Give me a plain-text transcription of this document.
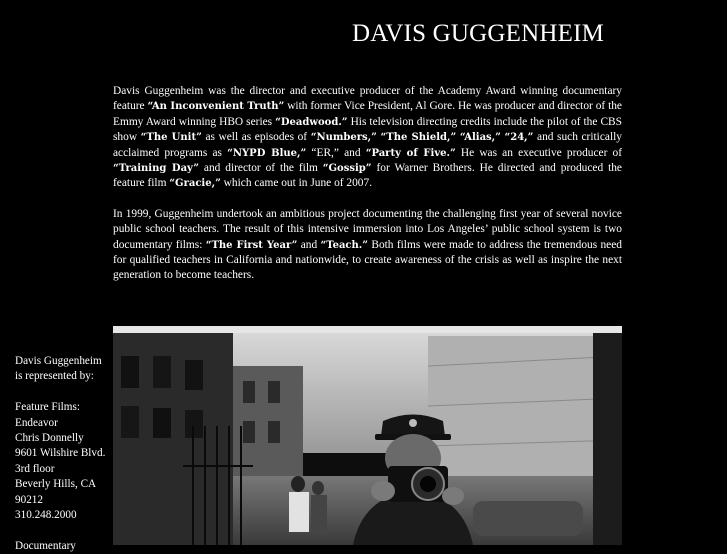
DAVIS GUGGENHEIM

Davis Guggenheim was the director and executive producer of the Academy Award winning documentary feature “An Inconvenient Truth” with former Vice President, Al Gore. He was producer and director of the Emmy Award winning HBO series “Deadwood.” His television directing credits include the pilot of the CBS show “The Unit” as well as episodes of “Numbers,” “The Shield,” “Alias,” “24,” and such critically acclaimed programs as “NYPD Blue,” “ER,” and “Party of Five.” He was an executive producer of “Training Day” and director of the film “Gossip” for Warner Brothers. He directed and produced the feature film “Gracie,” which came out in June of 2007.

In 1999, Guggenheim undertook an ambitious project documenting the challenging first year of several novice public school teachers. The result of this intensive immersion into Los Angeles’ public school system is two documentary films: “The First Year” and “Teach.” Both films were made to address the tremendous need for qualified teachers in California and nationwide, to create awareness of the crisis as well as inspire the next generation to become teachers.

Davis Guggenheim
is represented by:
Feature Films:
Endeavor
Chris Donnelly
9601 Wilshire Blvd.
3rd floor
Beverly Hills, CA
90212
310.248.2000
Documentary
